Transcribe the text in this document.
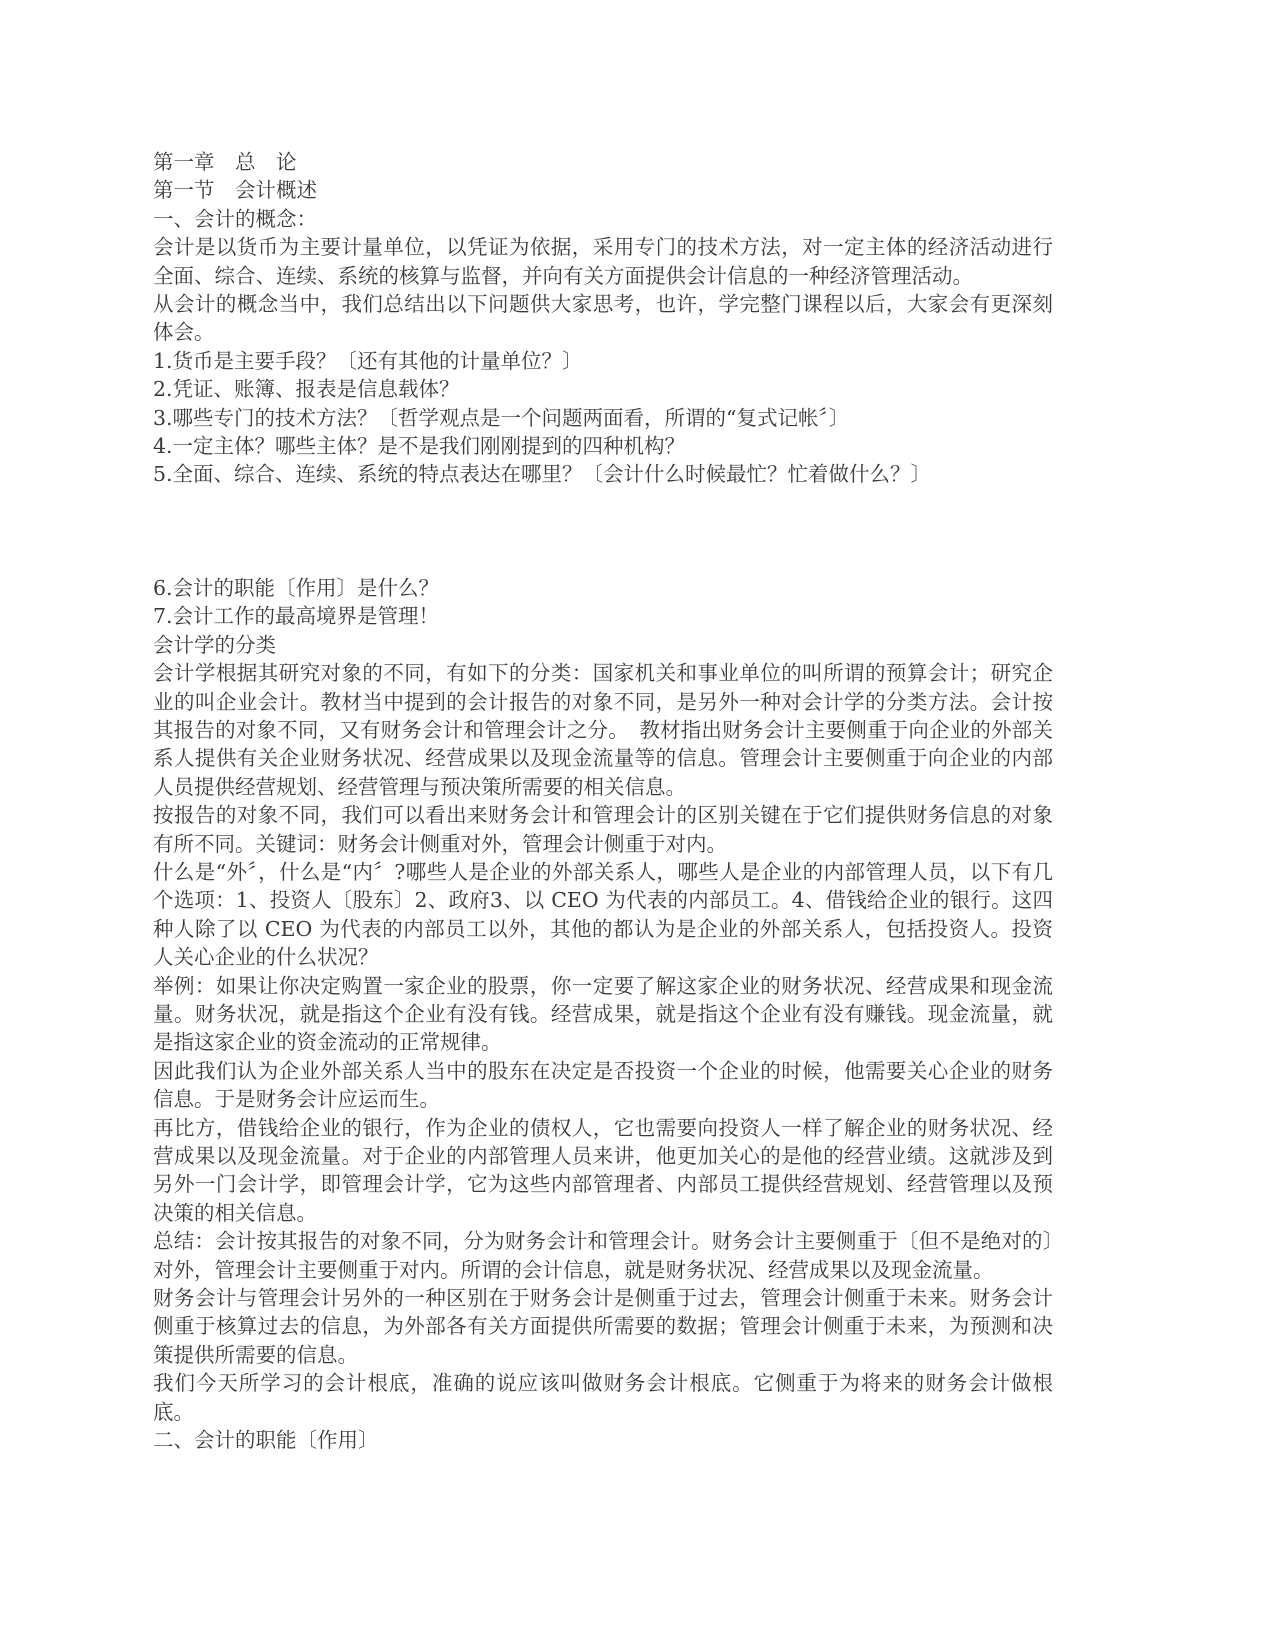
第一章　总　论

第一节　会计概述

一、会计的概念：

会计是以货币为主要计量单位，以凭证为依据，采用专门的技术方法，对一定主体的经济活动进行全面、综合、连续、系统的核算与监督，并向有关方面提供会计信息的一种经济管理活动。

从会计的概念当中，我们总结出以下问题供大家思考，也许，学完整门课程以后，大家会有更深刻体会。

1.货币是主要手段？〔还有其他的计量单位？〕

2.凭证、账簿、报表是信息载体？

3.哪些专门的技术方法？〔哲学观点是一个问题两面看，所谓的“复式记帐〞〕

4.一定主体？哪些主体？是不是我们刚刚提到的四种机构？

5.全面、综合、连续、系统的特点表达在哪里？〔会计什么时候最忙？忙着做什么？〕

6.会计的职能〔作用〕是什么？

7.会计工作的最高境界是管理！

会计学的分类

会计学根据其研究对象的不同，有如下的分类：国家机关和事业单位的叫所谓的预算会计；研究企业的叫企业会计。教材当中提到的会计报告的对象不同，是另外一种对会计学的分类方法。会计按其报告的对象不同，又有财务会计和管理会计之分。　教材指出财务会计主要侧重于向企业的外部关系人提供有关企业财务状况、经营成果以及现金流量等的信息。管理会计主要侧重于向企业的内部人员提供经营规划、经营管理与预决策所需要的相关信息。

按报告的对象不同，我们可以看出来财务会计和管理会计的区别关键在于它们提供财务信息的对象有所不同。关键词：财务会计侧重对外，管理会计侧重于对内。

什么是“外〞，什么是“内〞?哪些人是企业的外部关系人，哪些人是企业的内部管理人员，以下有几个选项：1、投资人〔股东〕2、政府3、以 CEO 为代表的内部员工。4、借钱给企业的银行。这四种人除了以 CEO 为代表的内部员工以外，其他的都认为是企业的外部关系人，包括投资人。投资人关心企业的什么状况？

举例：如果让你决定购置一家企业的股票，你一定要了解这家企业的财务状况、经营成果和现金流量。财务状况，就是指这个企业有没有钱。经营成果，就是指这个企业有没有赚钱。现金流量，就是指这家企业的资金流动的正常规律。

因此我们认为企业外部关系人当中的股东在决定是否投资一个企业的时候，他需要关心企业的财务信息。于是财务会计应运而生。

再比方，借钱给企业的银行，作为企业的债权人，它也需要向投资人一样了解企业的财务状况、经营成果以及现金流量。对于企业的内部管理人员来讲，他更加关心的是他的经营业绩。这就涉及到另外一门会计学，即管理会计学，它为这些内部管理者、内部员工提供经营规划、经营管理以及预决策的相关信息。

总结：会计按其报告的对象不同，分为财务会计和管理会计。财务会计主要侧重于〔但不是绝对的〕对外，管理会计主要侧重于对内。所谓的会计信息，就是财务状况、经营成果以及现金流量。

财务会计与管理会计另外的一种区别在于财务会计是侧重于过去，管理会计侧重于未来。财务会计侧重于核算过去的信息，为外部各有关方面提供所需要的数据；管理会计侧重于未来，为预测和决策提供所需要的信息。

我们今天所学习的会计根底，准确的说应该叫做财务会计根底。它侧重于为将来的财务会计做根底。

二、会计的职能〔作用〕
